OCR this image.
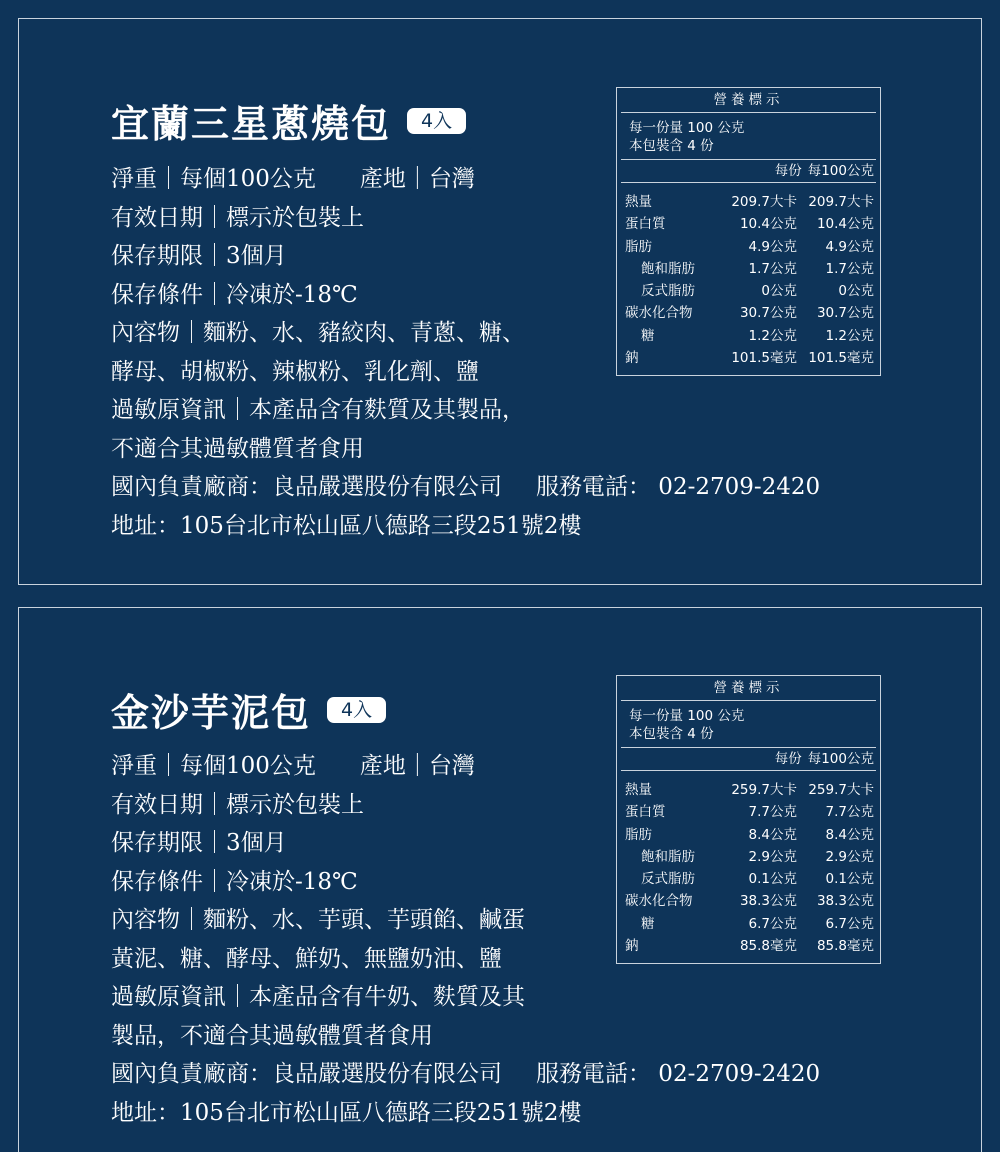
宜蘭三星蔥燒包	4入
淨重｜每個100公克 產地｜台灣
有效日期｜標示於包裝上
保存期限｜3個月
保存條件｜冷凍於-18℃
內容物｜麵粉、水、豬絞肉、青蔥、糖、
酵母、胡椒粉、辣椒粉、乳化劑、鹽
過敏原資訊｜本產品含有麩質及其製品，
不適合其過敏體質者食用
國內負責廠商：良品嚴選股份有限公司 服務電話： 02-2709-2420
地址：105台北市松山區八德路三段251號2樓
營養標示
每一份量 100 公克
本包裝含 4 份
每份 每100公克
熱量	209.7大卡 209.7大卡
蛋白質	10.4公克	10.4公克
脂肪	4.9公克	4.9公克
飽和脂肪	1.7公克	1.7公克
反式脂肪	0公克	0公克
碳水化合物	30.7公克	30.7公克
糖	1.2公克	1.2公克
鈉	101.5毫克 101.5毫克
金沙芋泥包	4入
淨重｜每個100公克 產地｜台灣
有效日期｜標示於包裝上
保存期限｜3個月
保存條件｜冷凍於-18℃
內容物｜麵粉、水、芋頭、芋頭餡、鹹蛋
黃泥、糖、酵母、鮮奶、無鹽奶油、鹽
過敏原資訊｜本產品含有牛奶、麩質及其
製品，不適合其過敏體質者食用
國內負責廠商：良品嚴選股份有限公司 服務電話： 02-2709-2420
地址：105台北市松山區八德路三段251號2樓
營養標示
每一份量 100 公克
本包裝含 4 份
每份 每100公克
熱量	259.7大卡 259.7大卡
蛋白質	7.7公克	7.7公克
脂肪	8.4公克	8.4公克
飽和脂肪	2.9公克	2.9公克
反式脂肪	0.1公克	0.1公克
碳水化合物	38.3公克	38.3公克
糖	6.7公克	6.7公克
鈉	85.8毫克	85.8毫克
